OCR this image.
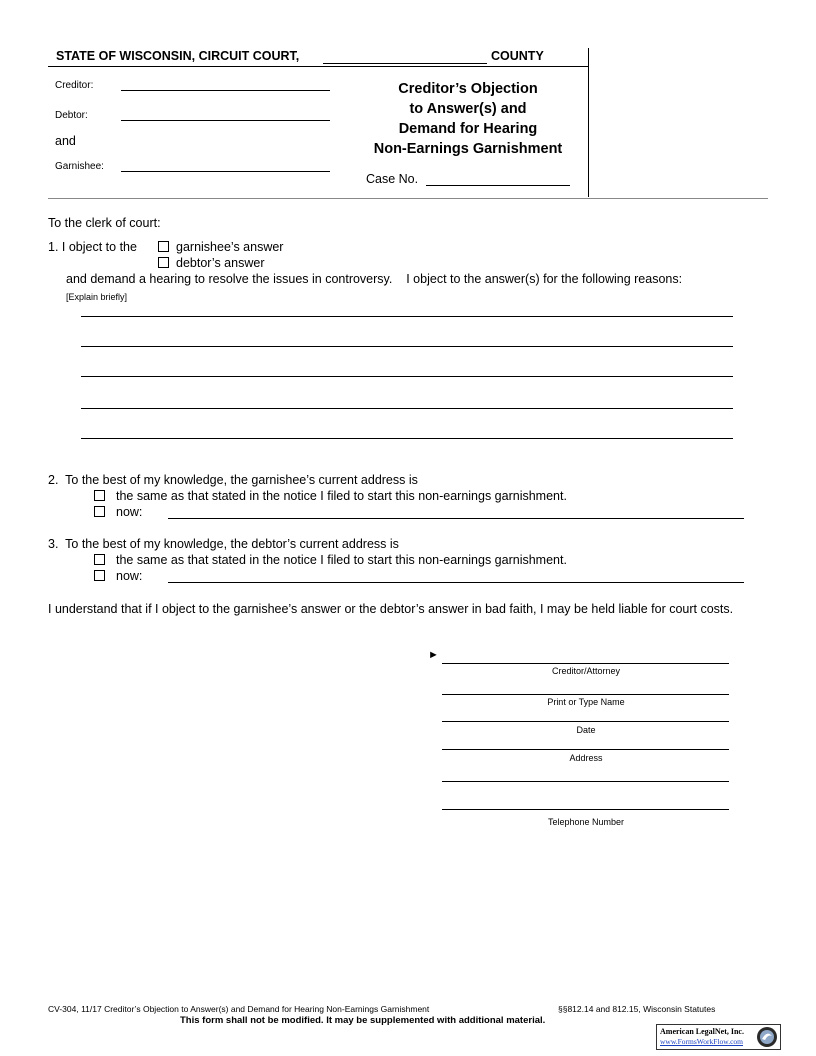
STATE OF WISCONSIN, CIRCUIT COURT,	COUNTY
Creditor:
Debtor:
and
Garnishee:
Creditor’s Objection
to Answer(s) and
Demand for Hearing
Non-Earnings Garnishment
Case No.
To the clerk of court:
1. I object to the	garnishee’s answer
debtor’s answer
and demand a hearing to resolve the issues in controversy.    I object to the answer(s) for the following reasons:
[Explain briefly]
2.  To the best of my knowledge, the garnishee’s current address is
the same as that stated in the notice I filed to start this non-earnings garnishment.
now:
3.  To the best of my knowledge, the debtor’s current address is
the same as that stated in the notice I filed to start this non-earnings garnishment.
now:
I understand that if I object to the garnishee’s answer or the debtor’s answer in bad faith, I may be held liable for court costs.
►
Creditor/Attorney
Print or Type Name
Date
Address
Telephone Number
CV-304, 11/17 Creditor’s Objection to Answer(s) and Demand for Hearing Non-Earnings Garnishment	§§812.14 and 812.15, Wisconsin Statutes
This form shall not be modified. It may be supplemented with additional material.
American LegalNet, Inc.
www.FormsWorkFlow.com
